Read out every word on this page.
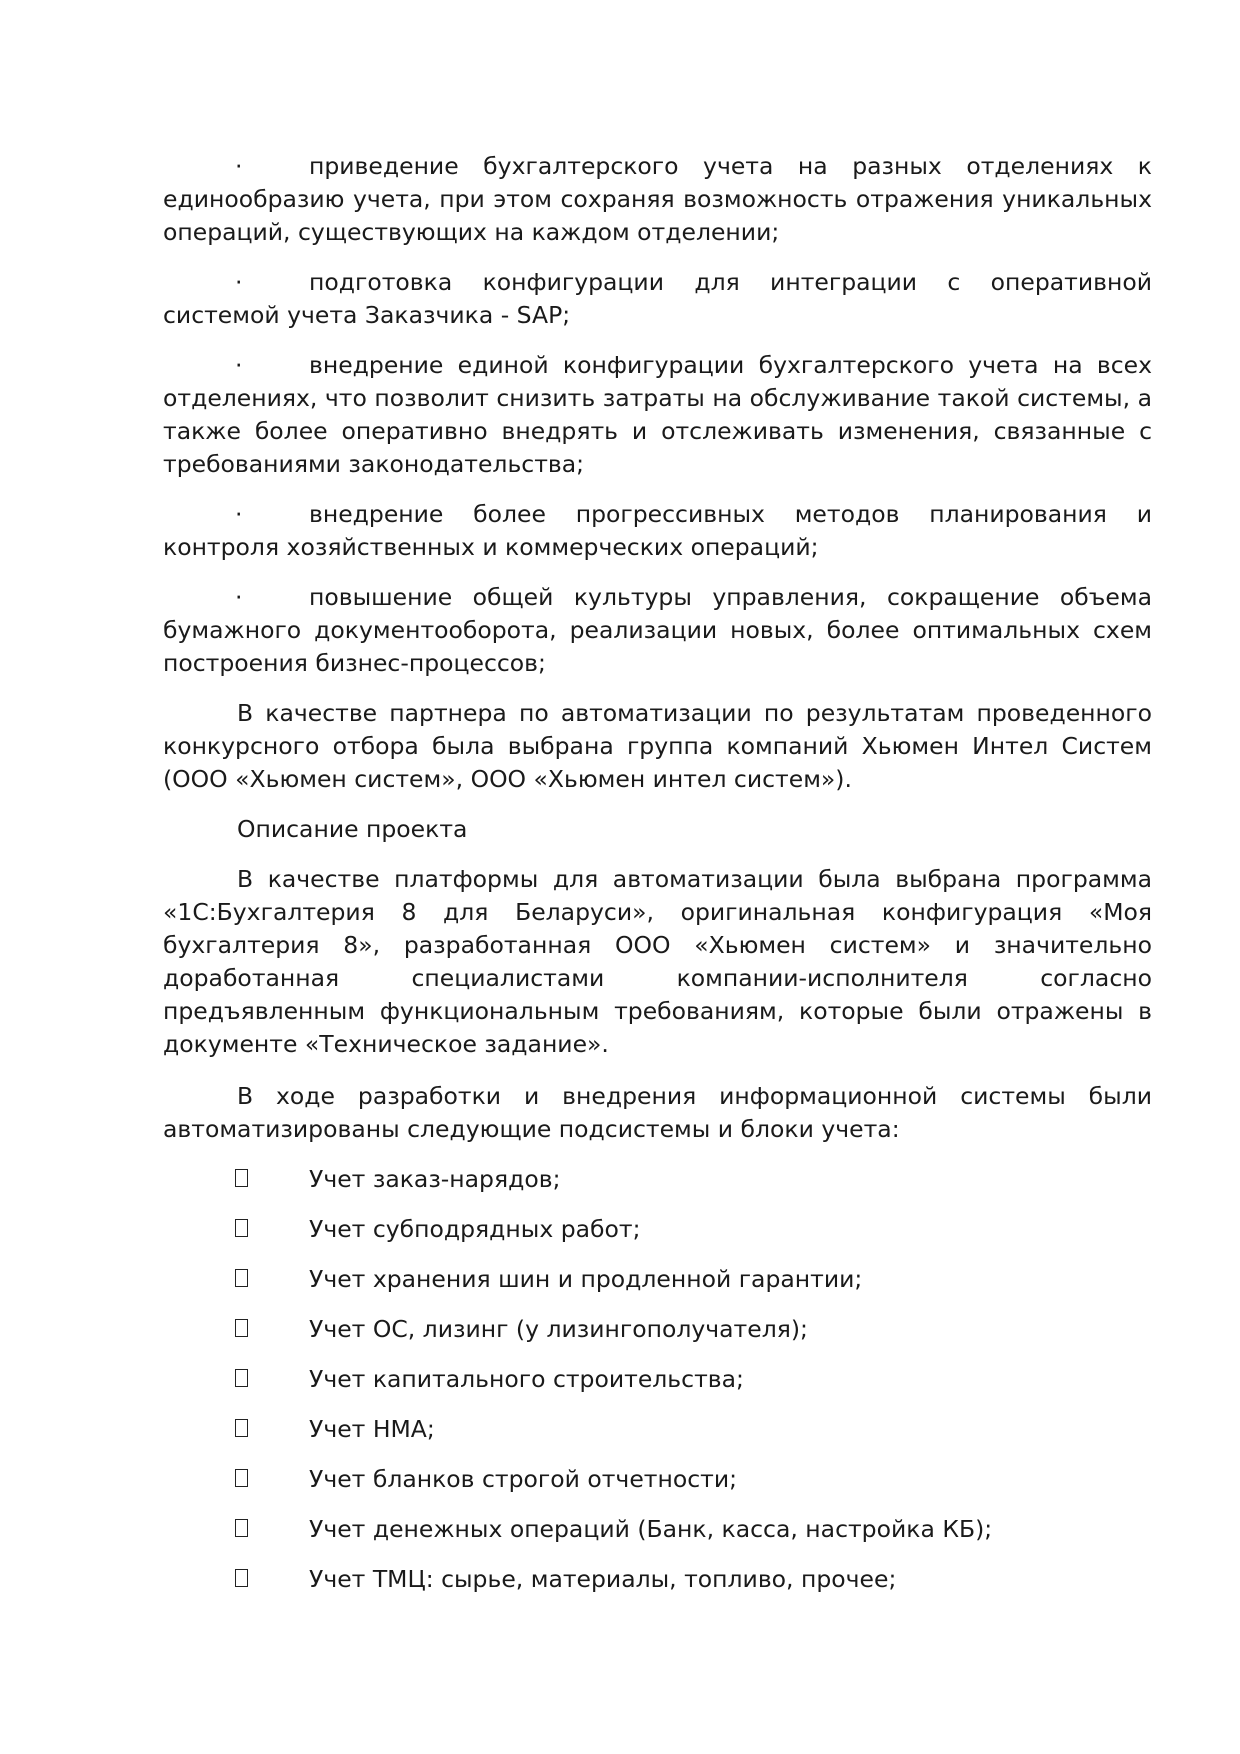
·	приведение бухгалтерского учета на разных отделениях к единообразию учета, при этом сохраняя возможность отражения уникальных операций, существующих на каждом отделении;

·	подготовка конфигурации для интеграции с оперативной системой учета Заказчика - SAP;

·	внедрение единой конфигурации бухгалтерского учета на всех отделениях, что позволит снизить затраты на обслуживание такой системы, а также более оперативно внедрять и отслеживать изменения, связанные с требованиями законодательства;

·	внедрение более прогрессивных методов планирования и контроля хозяйственных и коммерческих операций;

·	повышение общей культуры управления, сокращение объема бумажного документооборота, реализации новых, более оптимальных схем построения бизнес-процессов;

В качестве партнера по автоматизации по результатам проведенного конкурсного отбора была выбрана группа компаний Хьюмен Интел Систем (ООО «Хьюмен систем», ООО «Хьюмен интел систем»).

Описание проекта

В качестве платформы для автоматизации была выбрана программа «1С:Бухгалтерия 8 для Беларуси», оригинальная конфигурация «Моя бухгалтерия 8», разработанная ООО «Хьюмен систем» и значительно доработанная специалистами компании-исполнителя согласно предъявленным функциональным требованиям, которые были отражены в документе «Техническое задание».

В ходе разработки и внедрения информационной системы были автоматизированы следующие подсистемы и блоки учета:

Учет заказ-нарядов;
Учет субподрядных работ;
Учет хранения шин и продленной гарантии;
Учет ОС, лизинг (у лизингополучателя);
Учет капитального строительства;
Учет НМА;
Учет бланков строгой отчетности;
Учет денежных операций (Банк, касса, настройка КБ);
Учет ТМЦ: сырье, материалы, топливо, прочее;
